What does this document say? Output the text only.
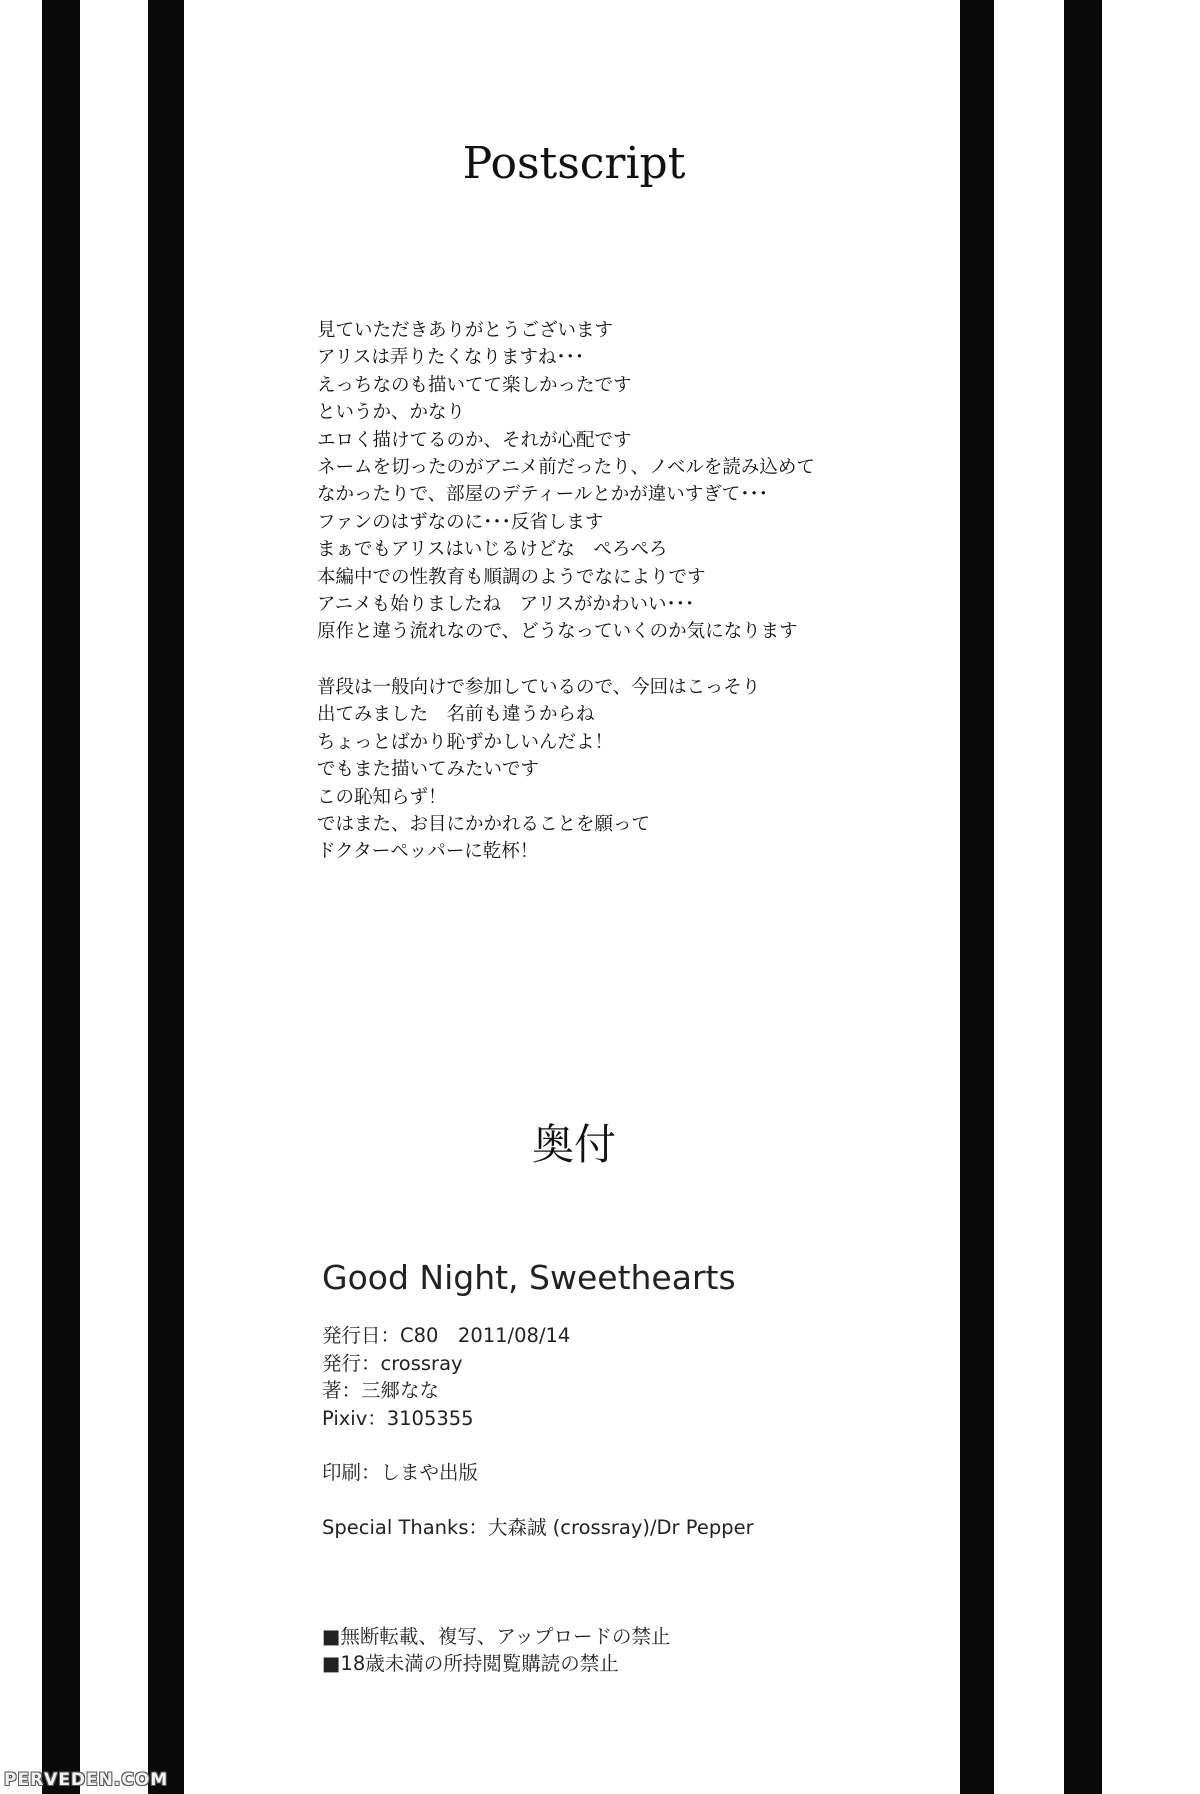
Postscript
見ていただきありがとうございます
アリスは弄りたくなりますね･･･
えっちなのも描いてて楽しかったです
というか、かなり
エロく描けてるのか、それが心配です
ネームを切ったのがアニメ前だったり、ノベルを読み込めて
なかったりで、部屋のデティールとかが違いすぎて･･･
ファンのはずなのに･･･反省します
まぁでもアリスはいじるけどな　ぺろぺろ
本編中での性教育も順調のようでなによりです
アニメも始りましたね　アリスがかわいい･･･
原作と違う流れなので、どうなっていくのか気になります
普段は一般向けで参加しているので、今回はこっそり
出てみました　名前も違うからね
ちょっとばかり恥ずかしいんだよ！
でもまた描いてみたいです
この恥知らず！
ではまた、お目にかかれることを願って
ドクターペッパーに乾杯！
奥付
Good Night, Sweethearts
発行日：C80　2011/08/14
発行：crossray
著：三郷なな
Pixiv：3105355
印刷：しまや出版
Special Thanks：大森誠 (crossray)/Dr Pepper
■無断転載、複写、アップロードの禁止
■18歳未満の所持閲覧購読の禁止
PERVEDEN.COM
